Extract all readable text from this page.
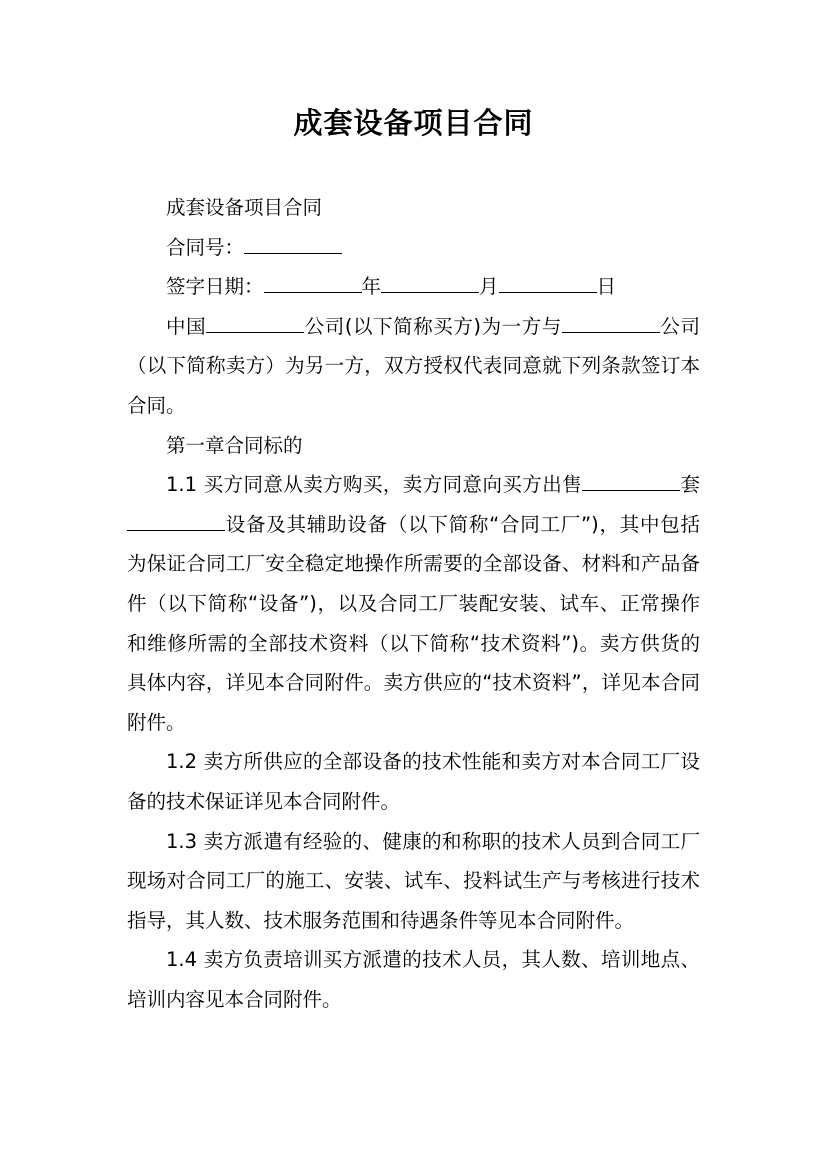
成套设备项目合同

成套设备项目合同

合同号：

签字日期：	年	月	日

中国	公司(以下简称买方)为一方与	公司（以下简称卖方）为另一方，双方授权代表同意就下列条款签订本合同。

第一章合同标的

1.1 买方同意从卖方购买，卖方同意向买方出售	套设备及其辅助设备（以下简称“合同工厂”)，其中包括为保证合同工厂安全稳定地操作所需要的全部设备、材料和产品备件（以下简称“设备”)，以及合同工厂装配安装、试车、正常操作和维修所需的全部技术资料（以下简称“技术资料”)。卖方供货的具体内容，详见本合同附件。卖方供应的“技术资料”，详见本合同附件。

1.2 卖方所供应的全部设备的技术性能和卖方对本合同工厂设备的技术保证详见本合同附件。

1.3 卖方派遣有经验的、健康的和称职的技术人员到合同工厂现场对合同工厂的施工、安装、试车、投料试生产与考核进行技术指导，其人数、技术服务范围和待遇条件等见本合同附件。

1.4 卖方负责培训买方派遣的技术人员，其人数、培训地点、培训内容见本合同附件。
